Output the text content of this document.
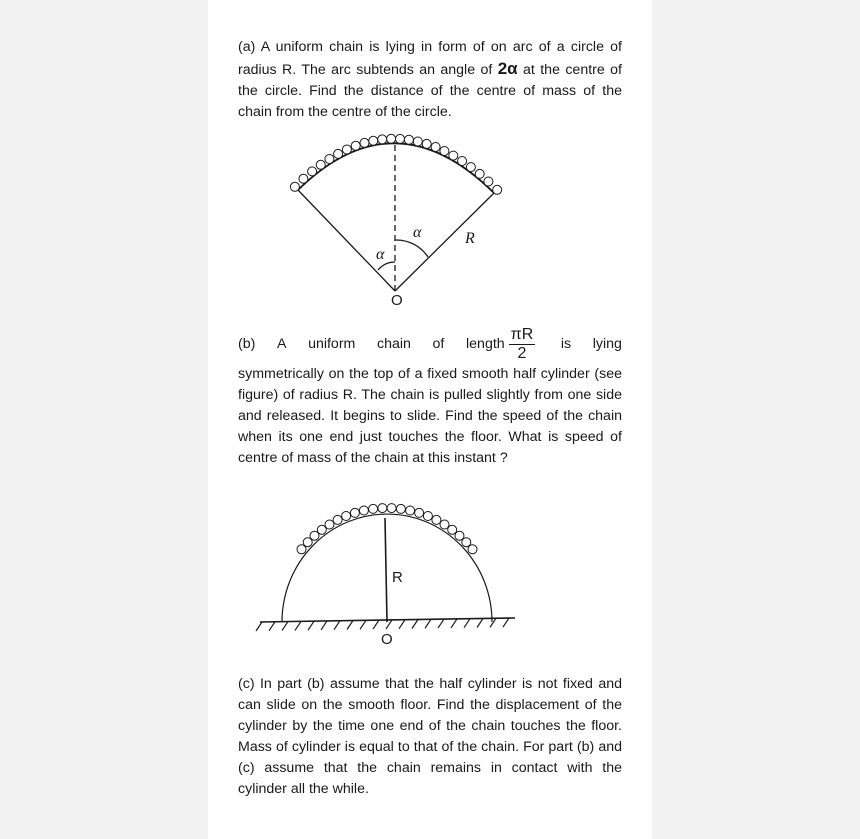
(a) A uniform chain is lying in form of on arc of a circle of radius R. The arc subtends an angle of 2α at the centre of the circle. Find the distance of the centre of mass of the chain from the centre of the circle.
α
α	R
O
R
O
(b) A uniform chain of length $\frac{\pi R}{2}$ is lying
symmetrically on the top of a fixed smooth half cylinder (see figure) of radius R. The chain is pulled slightly from one side and released. It begins to slide. Find the speed of the chain when its one end just touches the floor. What is speed of centre of mass of the chain at this instant ?
(c) In part (b) assume that the half cylinder is not fixed and can slide on the smooth floor. Find the displacement of the cylinder by the time one end of the chain touches the floor. Mass of cylinder is equal to that of the chain. For part (b) and (c) assume that the chain remains in contact with the cylinder all the while.
